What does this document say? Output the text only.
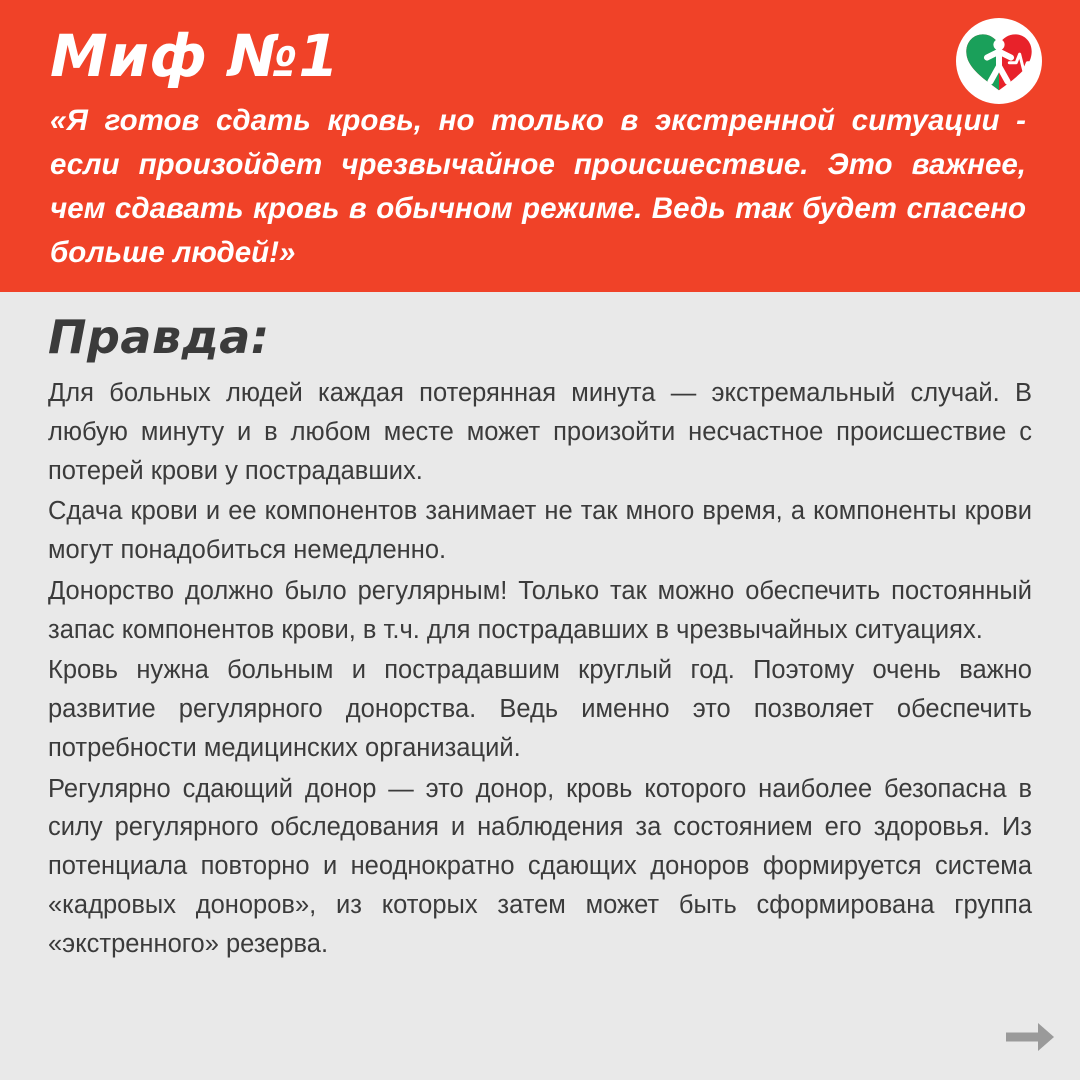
Миф №1

«Я готов сдать кровь, но только в экстренной ситуации - если произойдет чрезвычайное происшествие. Это важнее, чем сдавать кровь в обычном режиме. Ведь так будет спасено больше людей!»

Правда:

Для больных людей каждая потерянная минута — экстремальный случай. В любую минуту и в любом месте может произойти несчастное происшествие с потерей крови у пострадавших.

Сдача крови и ее компонентов занимает не так много время, а компоненты крови могут понадобиться немедленно.

Донорство должно было регулярным! Только так можно обеспечить постоянный запас компонентов крови, в т.ч. для пострадавших в чрезвычайных ситуациях.

Кровь нужна больным и пострадавшим круглый год. Поэтому очень важно развитие регулярного донорства. Ведь именно это позволяет обеспечить потребности медицинских организаций.

Регулярно сдающий донор — это донор, кровь которого наиболее безопасна в силу регулярного обследования и наблюдения за состоянием его здоровья. Из потенциала повторно и неоднократно сдающих доноров формируется система «кадровых доноров», из которых затем может быть сформирована группа «экстренного» резерва.
